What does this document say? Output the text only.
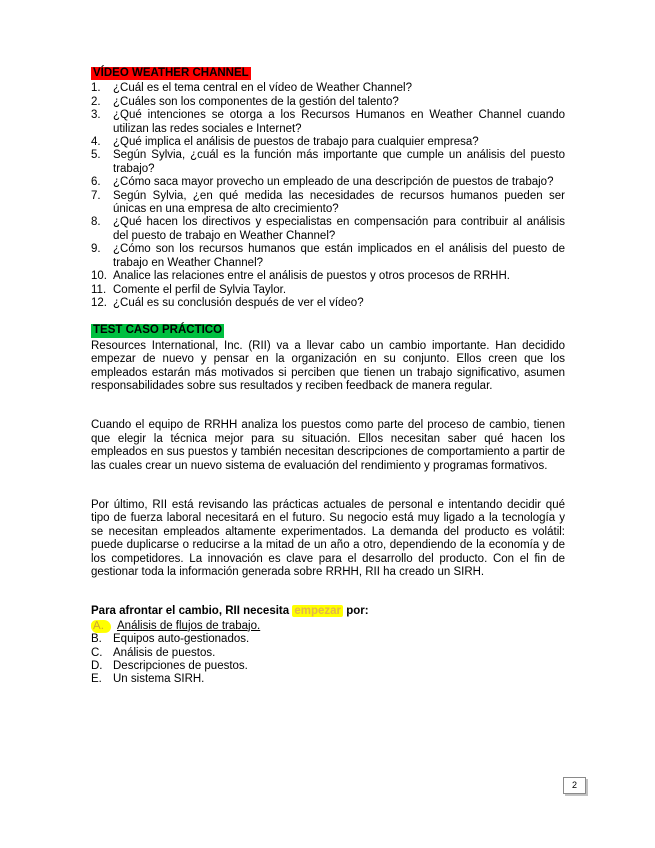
VÍDEO WEATHER CHANNEL
1.	¿Cuál es el tema central en el vídeo de Weather Channel?
2.	¿Cuáles son los componentes de la gestión del talento?
3.	¿Qué intenciones se otorga a los Recursos Humanos en Weather Channel cuando utilizan las redes sociales e Internet?
4.	¿Qué implica el análisis de puestos de trabajo para cualquier empresa?
5.	Según Sylvia, ¿cuál es la función más importante que cumple un análisis del puesto trabajo?
6.	¿Cómo saca mayor provecho un empleado de una descripción de puestos de trabajo?
7.	Según Sylvia, ¿en qué medida las necesidades de recursos humanos pueden ser únicas en una empresa de alto crecimiento?
8.	¿Qué hacen los directivos y especialistas en compensación para contribuir al análisis del puesto de trabajo en Weather Channel?
9.	¿Cómo son los recursos humanos que están implicados en el análisis del puesto de trabajo en Weather Channel?
10. Analice las relaciones entre el análisis de puestos y otros procesos de RRHH.
11. Comente el perfil de Sylvia Taylor.
12. ¿Cuál es su conclusión después de ver el vídeo?
TEST CASO PRÁCTICO

Resources International, Inc. (RII) va a llevar cabo un cambio importante. Han decidido empezar de nuevo y pensar en la organización en su conjunto. Ellos creen que los empleados estarán más motivados si perciben que tienen un trabajo significativo, asumen responsabilidades sobre sus resultados y reciben feedback de manera regular.

Cuando el equipo de RRHH analiza los puestos como parte del proceso de cambio, tienen que elegir la técnica mejor para su situación. Ellos necesitan saber qué hacen los empleados en sus puestos y también necesitan descripciones de comportamiento a partir de las cuales crear un nuevo sistema de evaluación del rendimiento y programas formativos.

Por último, RII está revisando las prácticas actuales de personal e intentando decidir qué tipo de fuerza laboral necesitará en el futuro. Su negocio está muy ligado a la tecnología y se necesitan empleados altamente experimentados. La demanda del producto es volátil: puede duplicarse o reducirse a la mitad de un año a otro, dependiendo de la economía y de los competidores. La innovación es clave para el desarrollo del producto. Con el fin de gestionar toda la información generada sobre RRHH, RII ha creado un SIRH.

Para afrontar el cambio, RII necesita empezar por:

A.	Análisis de flujos de trabajo.
B. Equipos auto-gestionados.
C. Análisis de puestos.
D. Descripciones de puestos.
E. Un sistema SIRH.
2
